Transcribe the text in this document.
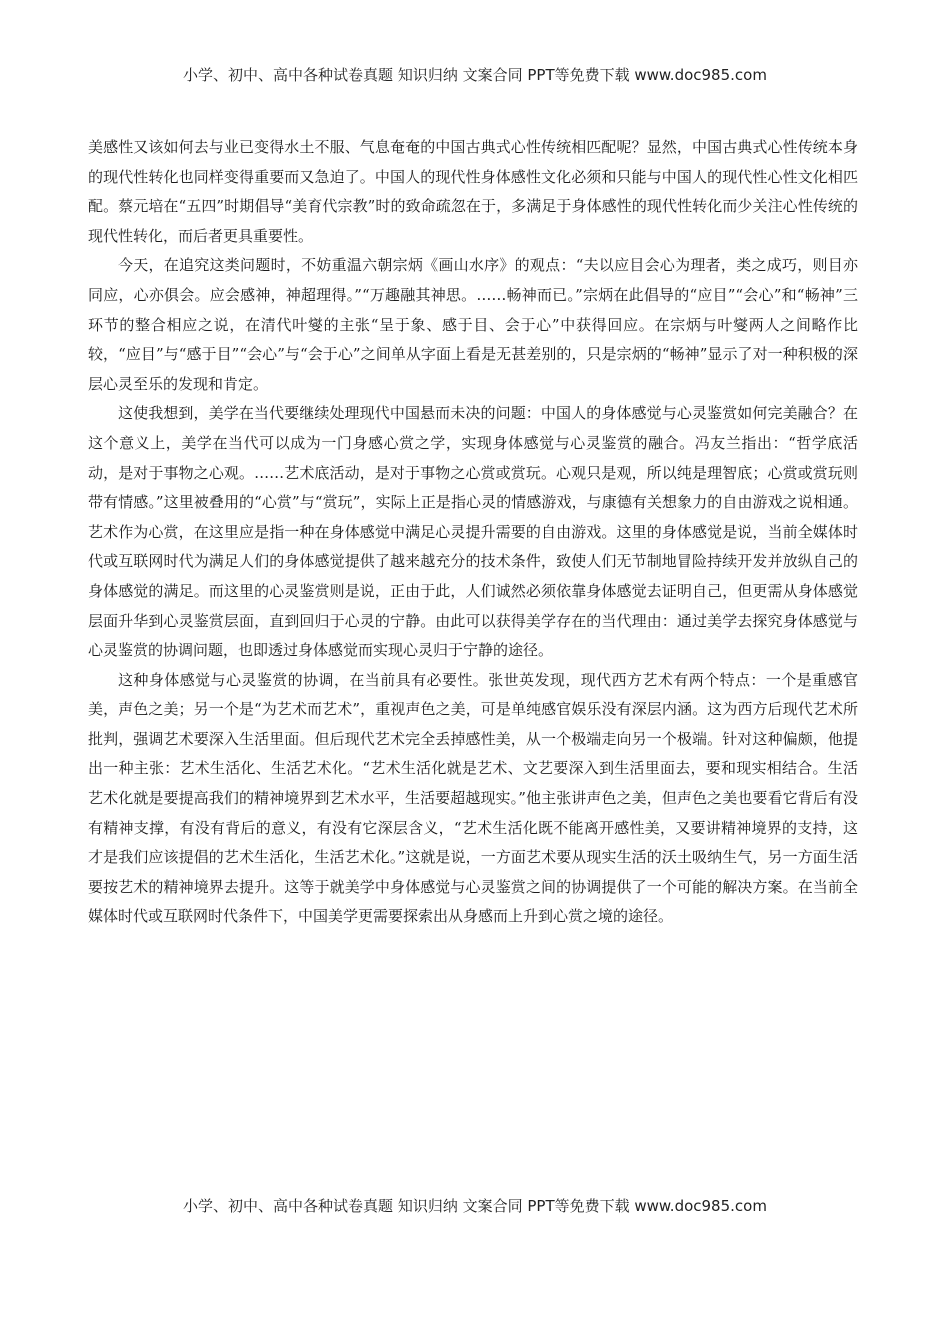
小学、初中、高中各种试卷真题 知识归纳 文案合同 PPT等免费下载 www.doc985.com

美感性又该如何去与业已变得水土不服、气息奄奄的中国古典式心性传统相匹配呢？显然，中国古典式心性传统本身的现代性转化也同样变得重要而又急迫了。中国人的现代性身体感性文化必须和只能与中国人的现代性心性文化相匹配。蔡元培在“五四”时期倡导“美育代宗教”时的致命疏忽在于，多满足于身体感性的现代性转化而少关注心性传统的现代性转化，而后者更具重要性。

今天，在追究这类问题时，不妨重温六朝宗炳《画山水序》的观点：“夫以应目会心为理者，类之成巧，则目亦同应，心亦俱会。应会感神，神超理得。”“万趣融其神思。……畅神而已。”宗炳在此倡导的“应目”“会心”和“畅神”三环节的整合相应之说，在清代叶燮的主张“呈于象、感于目、会于心”中获得回应。在宗炳与叶燮两人之间略作比较，“应目”与“感于目”“会心”与“会于心”之间单从字面上看是无甚差别的，只是宗炳的“畅神”显示了对一种积极的深层心灵至乐的发现和肯定。

这使我想到，美学在当代要继续处理现代中国悬而未决的问题：中国人的身体感觉与心灵鉴赏如何完美融合？在这个意义上，美学在当代可以成为一门身感心赏之学，实现身体感觉与心灵鉴赏的融合。冯友兰指出：“哲学底活动，是对于事物之心观。……艺术底活动，是对于事物之心赏或赏玩。心观只是观，所以纯是理智底；心赏或赏玩则带有情感。”这里被叠用的“心赏”与“赏玩”，实际上正是指心灵的情感游戏，与康德有关想象力的自由游戏之说相通。艺术作为心赏，在这里应是指一种在身体感觉中满足心灵提升需要的自由游戏。这里的身体感觉是说，当前全媒体时代或互联网时代为满足人们的身体感觉提供了越来越充分的技术条件，致使人们无节制地冒险持续开发并放纵自己的身体感觉的满足。而这里的心灵鉴赏则是说，正由于此，人们诚然必须依靠身体感觉去证明自己，但更需从身体感觉层面升华到心灵鉴赏层面，直到回归于心灵的宁静。由此可以获得美学存在的当代理由：通过美学去探究身体感觉与心灵鉴赏的协调问题，也即透过身体感觉而实现心灵归于宁静的途径。

这种身体感觉与心灵鉴赏的协调，在当前具有必要性。张世英发现，现代西方艺术有两个特点：一个是重感官美，声色之美；另一个是“为艺术而艺术”，重视声色之美，可是单纯感官娱乐没有深层内涵。这为西方后现代艺术所批判，强调艺术要深入生活里面。但后现代艺术完全丢掉感性美，从一个极端走向另一个极端。针对这种偏颇，他提出一种主张：艺术生活化、生活艺术化。“艺术生活化就是艺术、文艺要深入到生活里面去，要和现实相结合。生活艺术化就是要提高我们的精神境界到艺术水平，生活要超越现实。”他主张讲声色之美，但声色之美也要看它背后有没有精神支撑，有没有背后的意义，有没有它深层含义，“艺术生活化既不能离开感性美，又要讲精神境界的支持，这才是我们应该提倡的艺术生活化，生活艺术化。”这就是说，一方面艺术要从现实生活的沃土吸纳生气，另一方面生活要按艺术的精神境界去提升。这等于就美学中身体感觉与心灵鉴赏之间的协调提供了一个可能的解决方案。在当前全媒体时代或互联网时代条件下，中国美学更需要探索出从身感而上升到心赏之境的途径。

小学、初中、高中各种试卷真题 知识归纳 文案合同 PPT等免费下载 www.doc985.com
